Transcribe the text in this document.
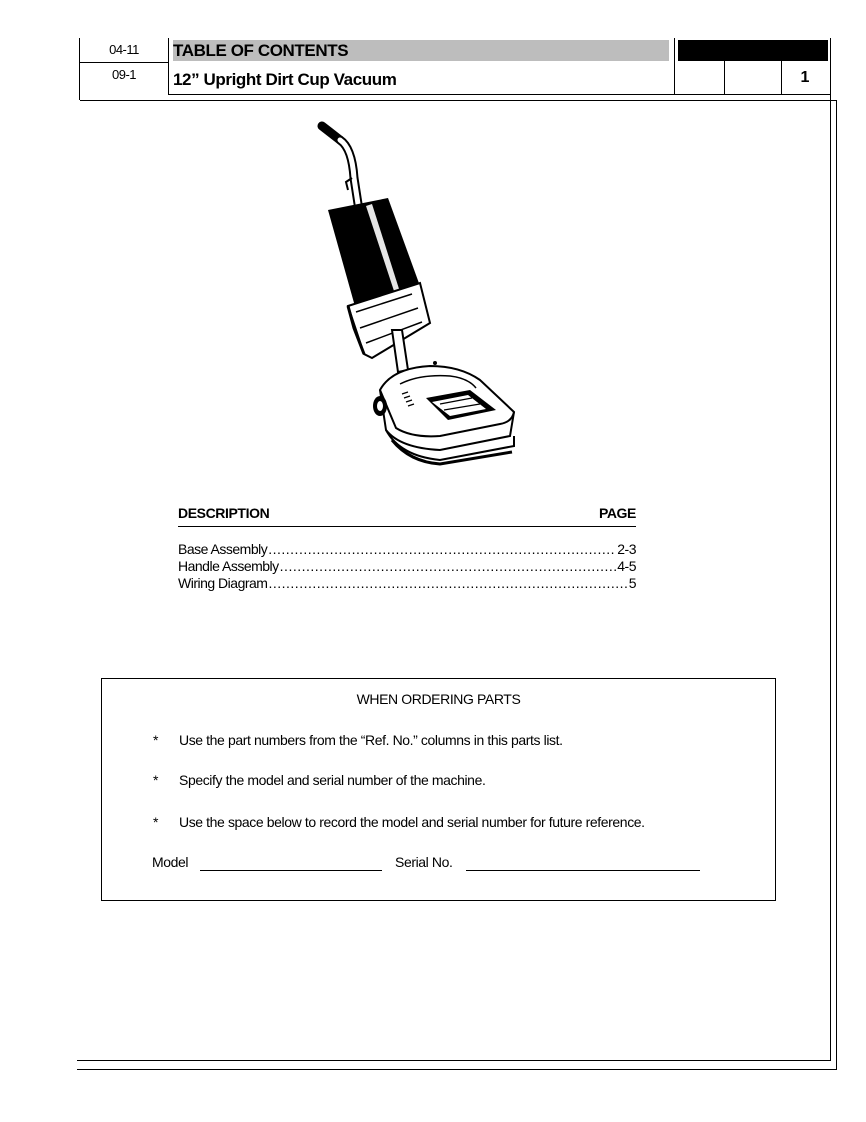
04-11
09-1
TABLE OF CONTENTS
12” Upright Dirt Cup Vacuum	1
DESCRIPTION	PAGE
Base Assembly .....	2-3
Handle Assembly .....	4-5
Wiring Diagram .....	5
WHEN ORDERING PARTS
* Use the part numbers from the “Ref. No.” columns in this parts list.
* Specify the model and serial number of the machine.
* Use the space below to record the model and serial number for future reference.
Model	Serial No.
